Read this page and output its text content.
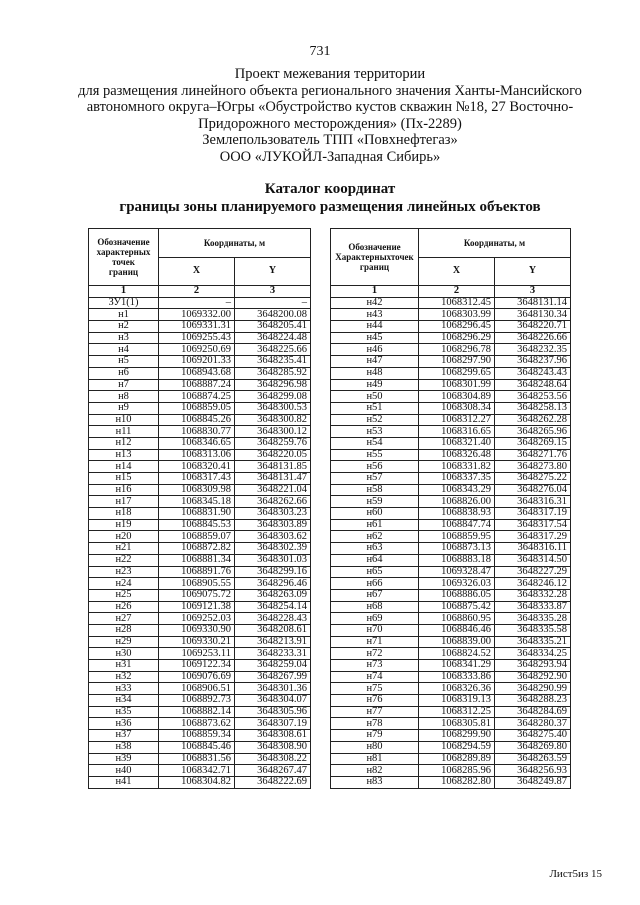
731
Проект межевания территории
для размещения линейного объекта регионального значения Ханты-Мансийского
автономного округа–Югры «Обустройство кустов скважин №18, 27 Восточно-
Придорожного месторождения» (Пх-2289)
Землепользователь ТПП «Повхнефтегаз»
ООО «ЛУКОЙЛ-Западная Сибирь»
Каталог координат
границы зоны планируемого размещения линейных объектов
Обозначение
характерных
точек
границ	Координаты, м	
	X	Y
1	2	3
ЗУ1(1)	–	–
н1	1069332.00	3648200.08
н2	1069331.31	3648205.41
н3	1069255.43	3648224.48
н4	1069250.69	3648225.66
н5	1069201.33	3648235.41
н6	1068943.68	3648285.92
н7	1068887.24	3648296.98
н8	1068874.25	3648299.08
н9	1068859.05	3648300.53
н10	1068845.26	3648300.82
н11	1068830.77	3648300.12
н12	1068346.65	3648259.76
н13	1068313.06	3648220.05
н14	1068320.41	3648131.85
н15	1068317.43	3648131.47
н16	1068309.98	3648221.04
н17	1068345.18	3648262.66
н18	1068831.90	3648303.23
н19	1068845.53	3648303.89
н20	1068859.07	3648303.62
н21	1068872.82	3648302.39
н22	1068881.34	3648301.03
н23	1068891.76	3648299.16
н24	1068905.55	3648296.46
н25	1069075.72	3648263.09
н26	1069121.38	3648254.14
н27	1069252.03	3648228.43
н28	1069330.90	3648208.61
н29	1069330.21	3648213.91
н30	1069253.11	3648233.31
н31	1069122.34	3648259.04
н32	1069076.69	3648267.99
н33	1068906.51	3648301.36
н34	1068892.73	3648304.07
н35	1068882.14	3648305.96
н36	1068873.62	3648307.19
н37	1068859.34	3648308.61
н38	1068845.46	3648308.90
н39	1068831.56	3648308.22
н40	1068342.71	3648267.47
н41	1068304.82	3648222.69
Обозначение
Характерныхточек
границ	Координаты, м	
	X	Y
1	2	3
н42	1068312.45	3648131.14
н43	1068303.99	3648130.34
н44	1068296.45	3648220.71
н45	1068296.29	3648226.66
н46	1068296.78	3648232.35
н47	1068297.90	3648237.96
н48	1068299.65	3648243.43
н49	1068301.99	3648248.64
н50	1068304.89	3648253.56
н51	1068308.34	3648258.13
н52	1068312.27	3648262.28
н53	1068316.65	3648265.96
н54	1068321.40	3648269.15
н55	1068326.48	3648271.76
н56	1068331.82	3648273.80
н57	1068337.35	3648275.22
н58	1068343.29	3648276.04
н59	1068826.00	3648316.31
н60	1068838.93	3648317.19
н61	1068847.74	3648317.54
н62	1068859.95	3648317.29
н63	1068873.13	3648316.11
н64	1068883.18	3648314.50
н65	1069328.47	3648227.29
н66	1069326.03	3648246.12
н67	1068886.05	3648332.28
н68	1068875.42	3648333.87
н69	1068860.95	3648335.28
н70	1068846.46	3648335.58
н71	1068839.00	3648335.21
н72	1068824.52	3648334.25
н73	1068341.29	3648293.94
н74	1068333.86	3648292.90
н75	1068326.36	3648290.99
н76	1068319.13	3648288.23
н77	1068312.25	3648284.69
н78	1068305.81	3648280.37
н79	1068299.90	3648275.40
н80	1068294.59	3648269.80
н81	1068289.89	3648263.59
н82	1068285.96	3648256.93
н83	1068282.80	3648249.87
Лист5из 15
